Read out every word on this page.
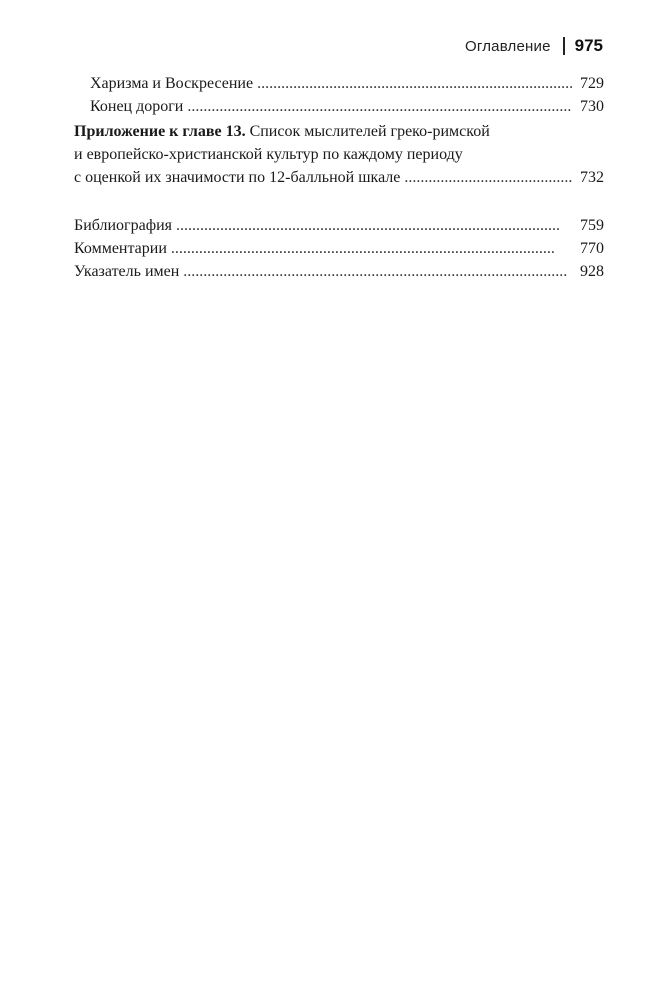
Оглавление 975
Харизма и Воскресение . . .	729
Конец дороги . . .	730
Приложение к главе 13. Список мыслителей греко-римской
и европейско-христианской культур по каждому периоду
с оценкой их значимости по 12-балльной шкале . . .	732
Библиография . . .	759
Комментарии . . .	770
Указатель имен . . .	928
